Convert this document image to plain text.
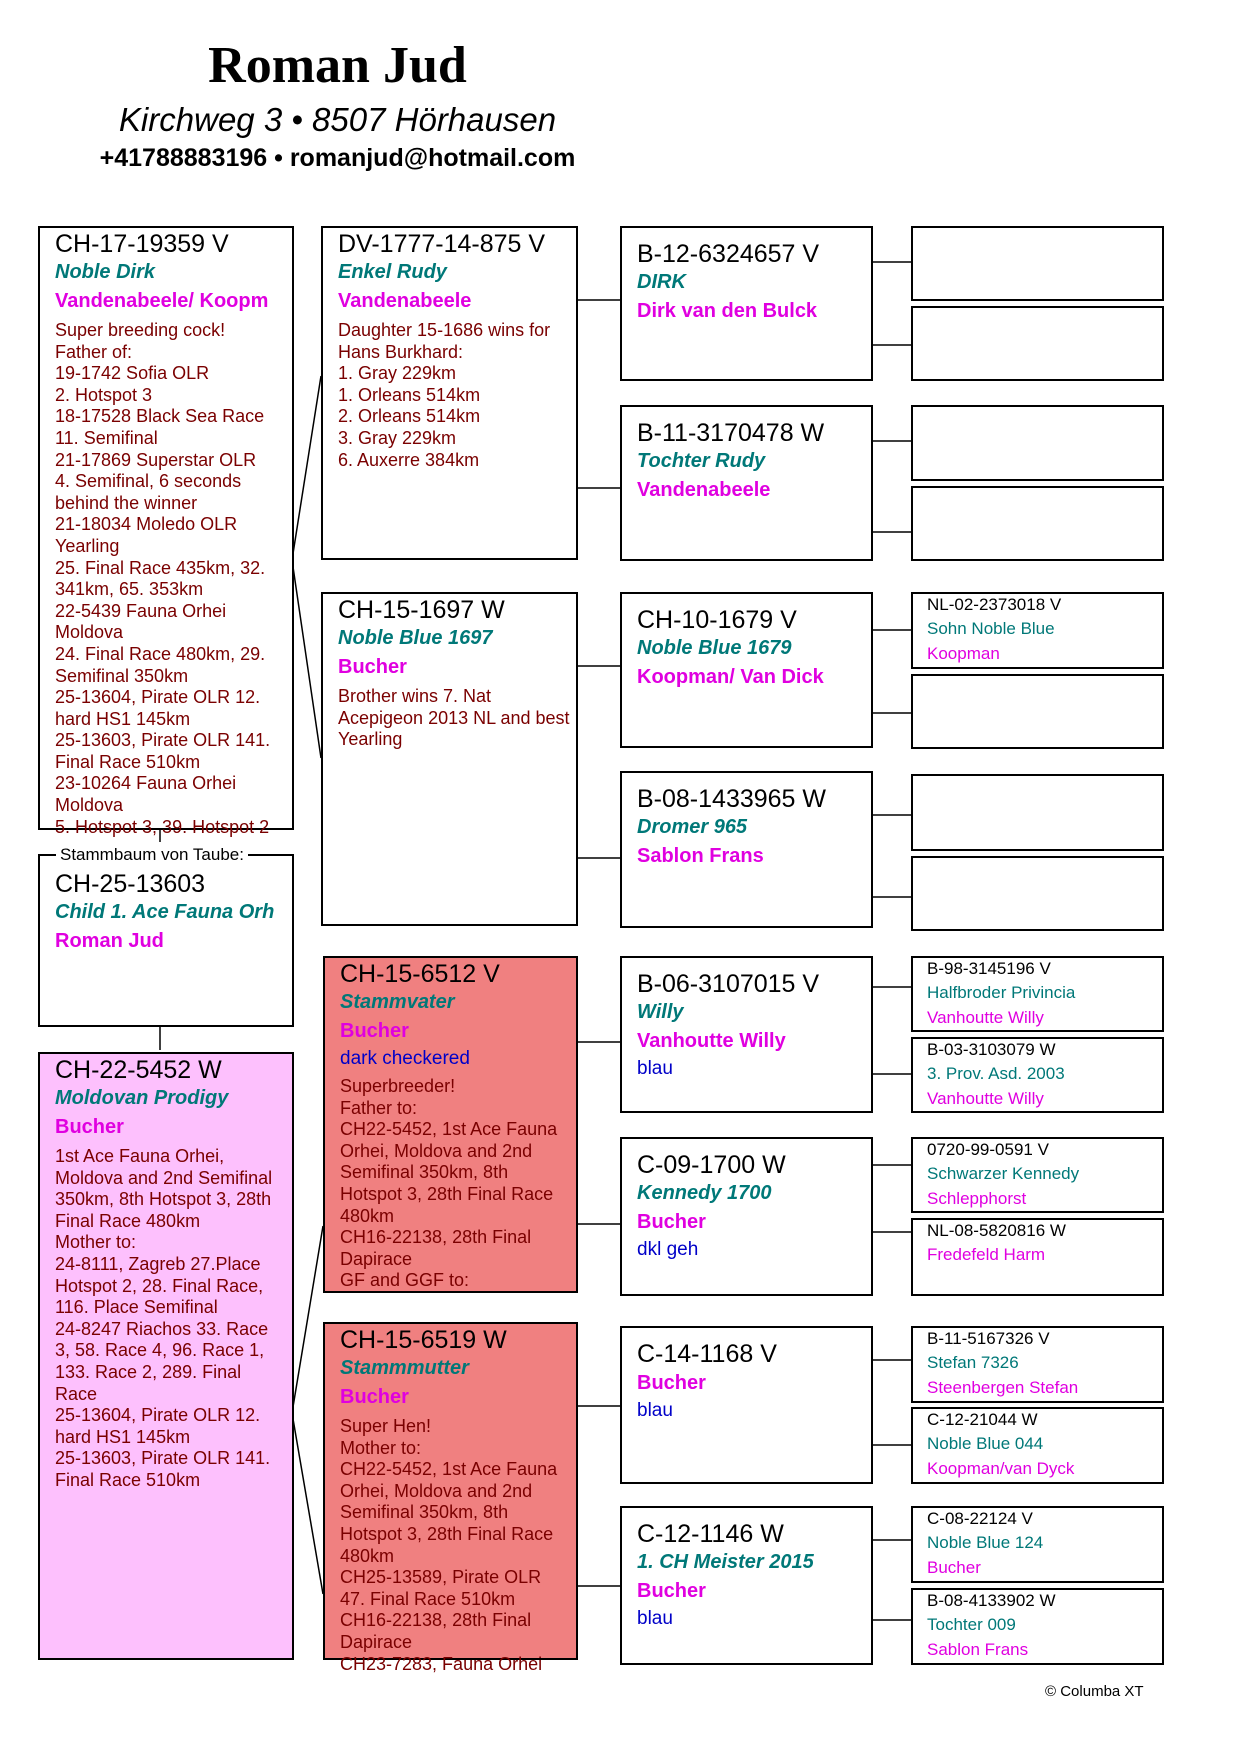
Roman Jud
Kirchweg 3 • 8507 Hörhausen
+41788883196 • romanjud@hotmail.com
CH-17-19359 V
Noble Dirk
Vandenabeele/ Koopm
Super breeding cock!
Father of:
19-1742 Sofia OLR
2. Hotspot 3
18-17528 Black Sea Race
11. Semifinal
21-17869 Superstar OLR
4. Semifinal, 6 seconds behind the winner
21-18034 Moledo OLR Yearling
25. Final Race 435km, 32. 341km, 65. 353km
22-5439 Fauna Orhei Moldova
24. Final Race 480km, 29. Semifinal 350km
25-13604, Pirate OLR 12. hard HS1 145km
25-13603, Pirate OLR 141. Final Race 510km
23-10264 Fauna Orhei Moldova
5. Hotspot 3, 39. Hotspot 2
CH-25-13603
Child 1. Ace Fauna Orh
Roman Jud
Stammbaum von Taube:
CH-22-5452 W
Moldovan Prodigy
Bucher
1st Ace Fauna Orhei, Moldova and 2nd Semifinal 350km, 8th Hotspot 3, 28th Final Race 480km
Mother to:
24-8111, Zagreb 27.Place Hotspot 2, 28. Final Race, 116. Place Semifinal
24-8247 Riachos 33. Race 3, 58. Race 4, 96. Race 1, 133. Race 2, 289. Final Race
25-13604, Pirate OLR 12. hard HS1 145km
25-13603, Pirate OLR 141. Final Race 510km
DV-1777-14-875 V
Enkel Rudy
Vandenabeele
Daughter 15-1686 wins for Hans Burkhard:
1. Gray 229km
1. Orleans 514km
2. Orleans 514km
3. Gray 229km
6. Auxerre 384km
CH-15-1697 W
Noble Blue 1697
Bucher
Brother wins 7. Nat Acepigeon 2013 NL and best Yearling
CH-15-6512 V
Stammvater
Bucher
dark checkered
Superbreeder!
Father to:
CH22-5452, 1st Ace Fauna Orhei, Moldova and 2nd Semifinal 350km, 8th Hotspot 3, 28th Final Race 480km
CH16-22138, 28th Final Dapirace
GF and GGF to:
CH-15-6519 W
Stammmutter
Bucher
Super Hen!
Mother to:
CH22-5452, 1st Ace Fauna Orhei, Moldova and 2nd Semifinal 350km, 8th Hotspot 3, 28th Final Race 480km
CH25-13589, Pirate OLR 47. Final Race 510km
CH16-22138, 28th Final Dapirace
CH23-7283, Fauna Orhei
B-12-6324657 V
DIRK
Dirk van den Bulck
B-11-3170478 W
Tochter Rudy
Vandenabeele
CH-10-1679 V
Noble Blue 1679
Koopman/ Van Dick
B-08-1433965 W
Dromer 965
Sablon Frans
B-06-3107015 V
Willy
Vanhoutte Willy
blau
C-09-1700 W
Kennedy 1700
Bucher
dkl geh
C-14-1168 V
Bucher
blau
C-12-1146 W
1. CH Meister 2015
Bucher
blau
NL-02-2373018 V
Sohn Noble Blue
Koopman
B-98-3145196 V
Halfbroder Privincia
Vanhoutte Willy
B-03-3103079 W
3. Prov. Asd. 2003
Vanhoutte Willy
0720-99-0591 V
Schwarzer Kennedy
Schlepphorst
NL-08-5820816 W
Fredefeld Harm
B-11-5167326 V
Stefan 7326
Steenbergen Stefan
C-12-21044 W
Noble Blue 044
Koopman/van Dyck
C-08-22124 V
Noble Blue 124
Bucher
B-08-4133902 W
Tochter 009
Sablon Frans
© Columba XT
